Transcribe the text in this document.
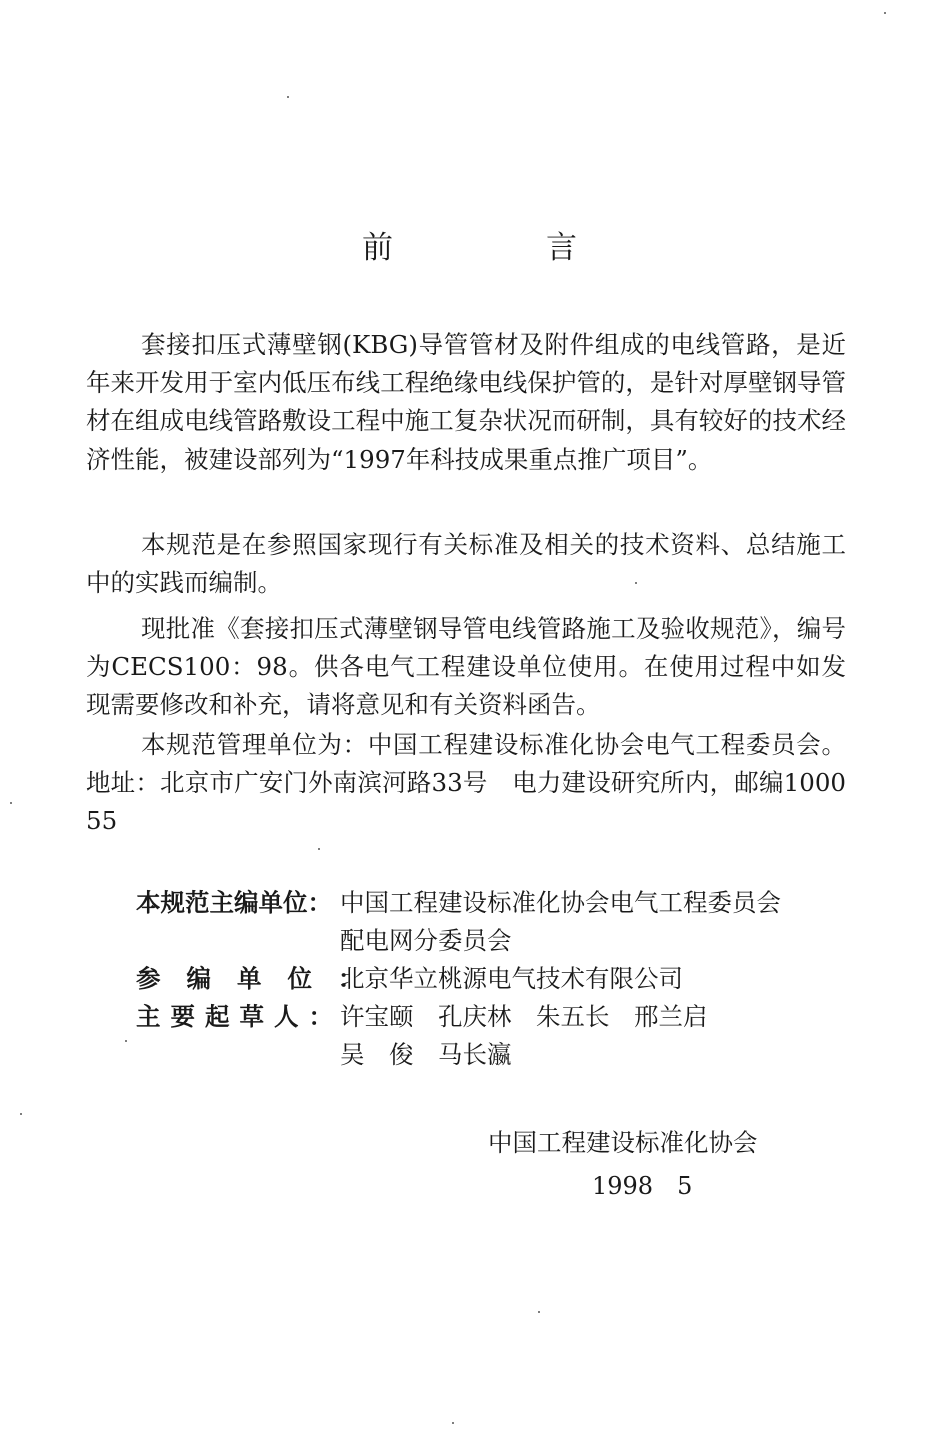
前	言

套接扣压式薄壁钢(KBG)导管管材及附件组成的电线管路，是近年来开发用于室内低压布线工程绝缘电线保护管的，是针对厚壁钢导管材在组成电线管路敷设工程中施工复杂状况而研制，具有较好的技术经济性能，被建设部列为“1997年科技成果重点推广项目”。

本规范是在参照国家现行有关标准及相关的技术资料、总结施工中的实践而编制。

现批准《套接扣压式薄壁钢导管电线管路施工及验收规范》，编号为CECS100：98。供各电气工程建设单位使用。在使用过程中如发现需要修改和补充，请将意见和有关资料函告。

本规范管理单位为：中国工程建设标准化协会电气工程委员会。地址：北京市广安门外南滨河路33号　电力建设研究所内，邮编100055

本规范主编单位： 中国工程建设标准化协会电气工程委员会
配电网分委员会
参编单位：
北京华立桃源电气技术有限公司
主要起草人：
许宝颐　孔庆林　朱五长　邢兰启
吴　俊　马长瀛
中国工程建设标准化协会
1998　5
